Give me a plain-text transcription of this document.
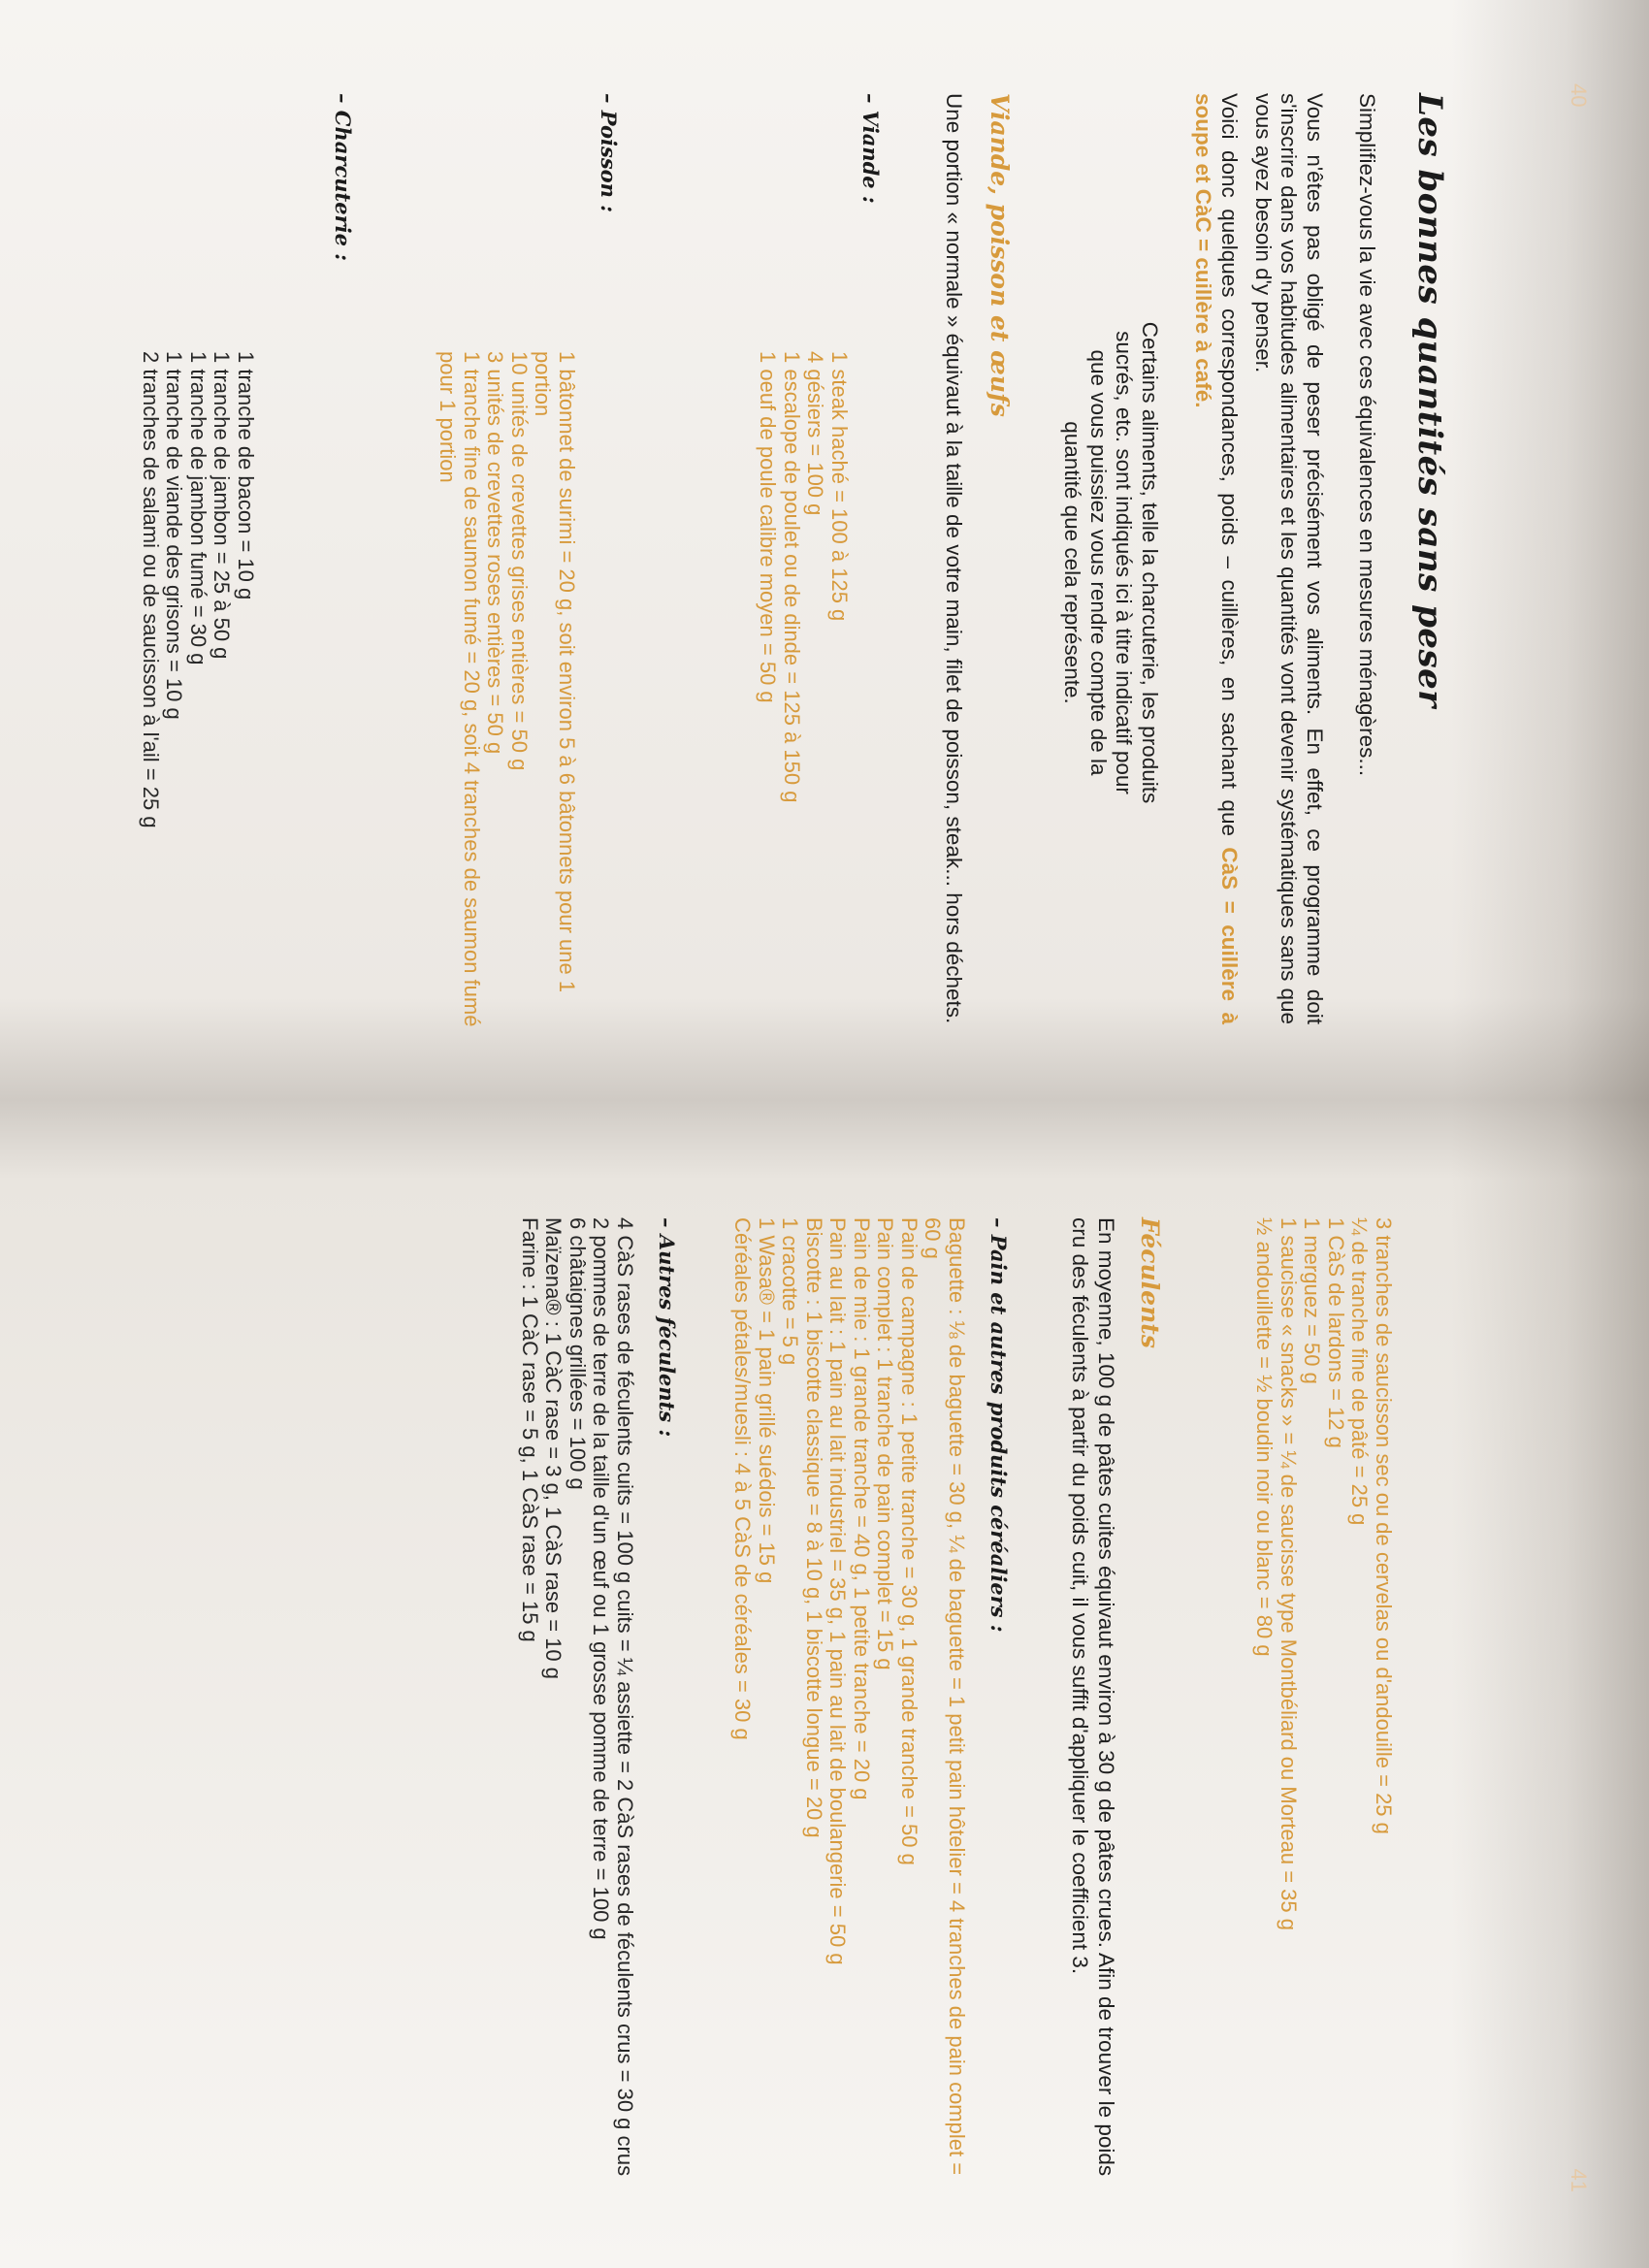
40
Les bonnes quantités sans peser
Simplifiez-vous la vie avec ces équivalences en mesures ménagères...
Vous n'êtes pas obligé de peser précisément vos aliments. En effet, ce programme doit s'inscrire dans vos habitudes alimentaires et les quantités vont devenir systématiques sans que vous ayez besoin d'y penser.
Voici donc quelques correspondances, poids – cuillères, en sachant que CàS = cuillère à soupe et CàC = cuillère à café.
Certains aliments, telle la charcuterie, les produits sucrés, etc. sont indiqués ici à titre indicatif pour que vous puissiez vous rendre compte de la quantité que cela représente.
Viande, poisson et œufs
Une portion « normale » équivaut à la taille de votre main, filet de poisson, steak... hors déchets.
– Viande :
1 steak haché = 100 à 125 g
4 gésiers = 100 g
1 escalope de poulet ou de dinde = 125 à 150 g
1 oeuf de poule calibre moyen = 50 g
– Poisson :
1 bâtonnet de surimi = 20 g, soit environ 5 à 6 bâtonnets pour une 1 portion
10 unités de crevettes grises entières = 50 g
3 unités de crevettes roses entières = 50 g
1 tranche fine de saumon fumé = 20 g, soit 4 tranches de saumon fumé pour 1 portion
– Charcuterie :
1 tranche de bacon = 10 g
1 tranche de jambon = 25 à 50 g
1 tranche de jambon fumé = 30 g
1 tranche de viande des grisons = 10 g
2 tranches de salami ou de saucisson à l'ail = 25 g
41
3 tranches de saucisson sec ou de cervelas ou d'andouille = 25 g
¼ de tranche fine de pâté = 25 g
1 CàS de lardons = 12 g
1 merguez = 50 g
1 saucisse « snacks » = ¼ de saucisse type Montbéliard ou Morteau = 35 g
½ andouillette = ½ boudin noir ou blanc = 80 g
Féculents
En moyenne, 100 g de pâtes cuites équivaut environ à 30 g de pâtes crues. Afin de trouver le poids cru des féculents à partir du poids cuit, il vous suffit d'appliquer le coefficient 3.
– Pain et autres produits céréaliers :
Baguette : ⅛ de baguette = 30 g, ¼ de baguette = 1 petit pain hôtelier = 4 tranches de pain complet = 60 g
Pain de campagne : 1 petite tranche = 30 g, 1 grande tranche = 50 g
Pain complet : 1 tranche de pain complet = 15 g
Pain de mie : 1 grande tranche = 40 g, 1 petite tranche = 20 g
Pain au lait : 1 pain au lait industriel = 35 g, 1 pain au lait de boulangerie = 50 g
Biscotte : 1 biscotte classique = 8 à 10 g, 1 biscotte longue = 20 g
1 cracotte = 5 g
1 Wasa® = 1 pain grillé suédois = 15 g
Céréales pétales/muesli : 4 à 5 CàS de céréales = 30 g
– Autres féculents :
4 CàS rases de féculents cuits = 100 g cuits = ¼ assiette = 2 CàS rases de féculents crus = 30 g crus
2 pommes de terre de la taille d'un œuf ou 1 grosse pomme de terre = 100 g
6 châtaignes grillées = 100 g
Maïzena® : 1 CàC rase = 3 g, 1 CàS rase = 10 g
Farine : 1 CàC rase = 5 g, 1 CàS rase = 15 g
